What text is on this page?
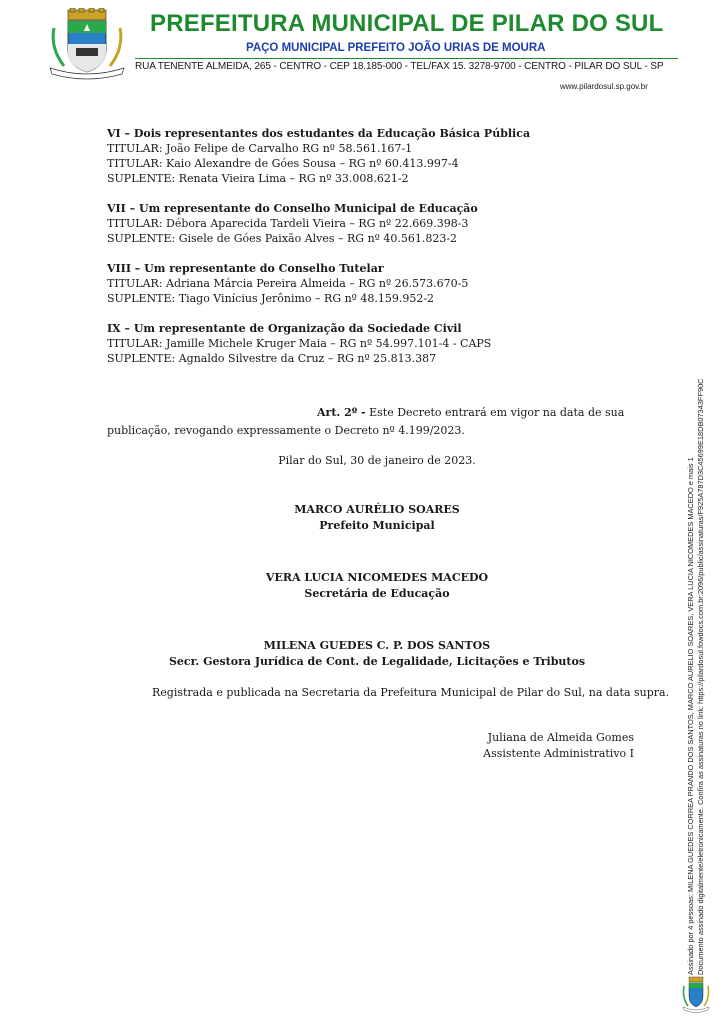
PREFEITURA MUNICIPAL DE PILAR DO SUL
PAÇO MUNICIPAL PREFEITO JOÃO URIAS DE MOURA
RUA TENENTE ALMEIDA, 265 - CENTRO - CEP 18.185-000 - TEL/FAX 15. 3278-9700 - CENTRO - PILAR DO SUL - SP
www.pilardosul.sp.gov.br
VI – Dois representantes dos estudantes da Educação Básica Pública
TITULAR: João Felipe de Carvalho RG nº 58.561.167-1
TITULAR: Kaio Alexandre de Góes Sousa – RG nº 60.413.997-4
SUPLENTE: Renata Vieira Lima – RG nº 33.008.621-2
VII – Um representante do Conselho Municipal de Educação
TITULAR: Débora Aparecida Tardeli Vieira – RG nº 22.669.398-3
SUPLENTE: Gisele de Góes Paixão Alves – RG nº 40.561.823-2
VIII – Um representante do Conselho Tutelar
TITULAR: Adriana Márcia Pereira Almeida – RG nº 26.573.670-5
SUPLENTE: Tiago Vinícius Jerônimo – RG nº 48.159.952-2
IX – Um representante de Organização da Sociedade Civil
TITULAR: Jamille Michele Kruger Maia – RG nº 54.997.101-4 - CAPS
SUPLENTE: Agnaldo Silvestre da Cruz – RG nº 25.813.387
Art. 2º - Este Decreto entrará em vigor na data de sua
publicação, revogando expressamente o Decreto nº 4.199/2023.
Pilar do Sul, 30 de janeiro de 2023.
MARCO AURÉLIO SOARES
Prefeito Municipal
VERA LUCIA NICOMEDES MACEDO
Secretária de Educação
MILENA GUEDES C. P. DOS SANTOS
Secr. Gestora Jurídica de Cont. de Legalidade, Licitações e Tributos
Registrada e publicada na Secretaria da Prefeitura Municipal de Pilar do Sul, na data supra.
Juliana de Almeida Gomes
Assistente Administrativo I	Assinado por 4 pessoas: MILENA GUEDES CORREA PRANDO DOS SANTOS, MARCO AURELIO SOARES, VERA LUCIA NICOMEDES MACEDO e mais 1 Documento assinado digitalmente/eletronicamente. Confira as assinaturas no link: https://pilardosul.fowdocs.com.br:2096/public/assinaturas/F925A787D3C45699E18DB07343FF90C
